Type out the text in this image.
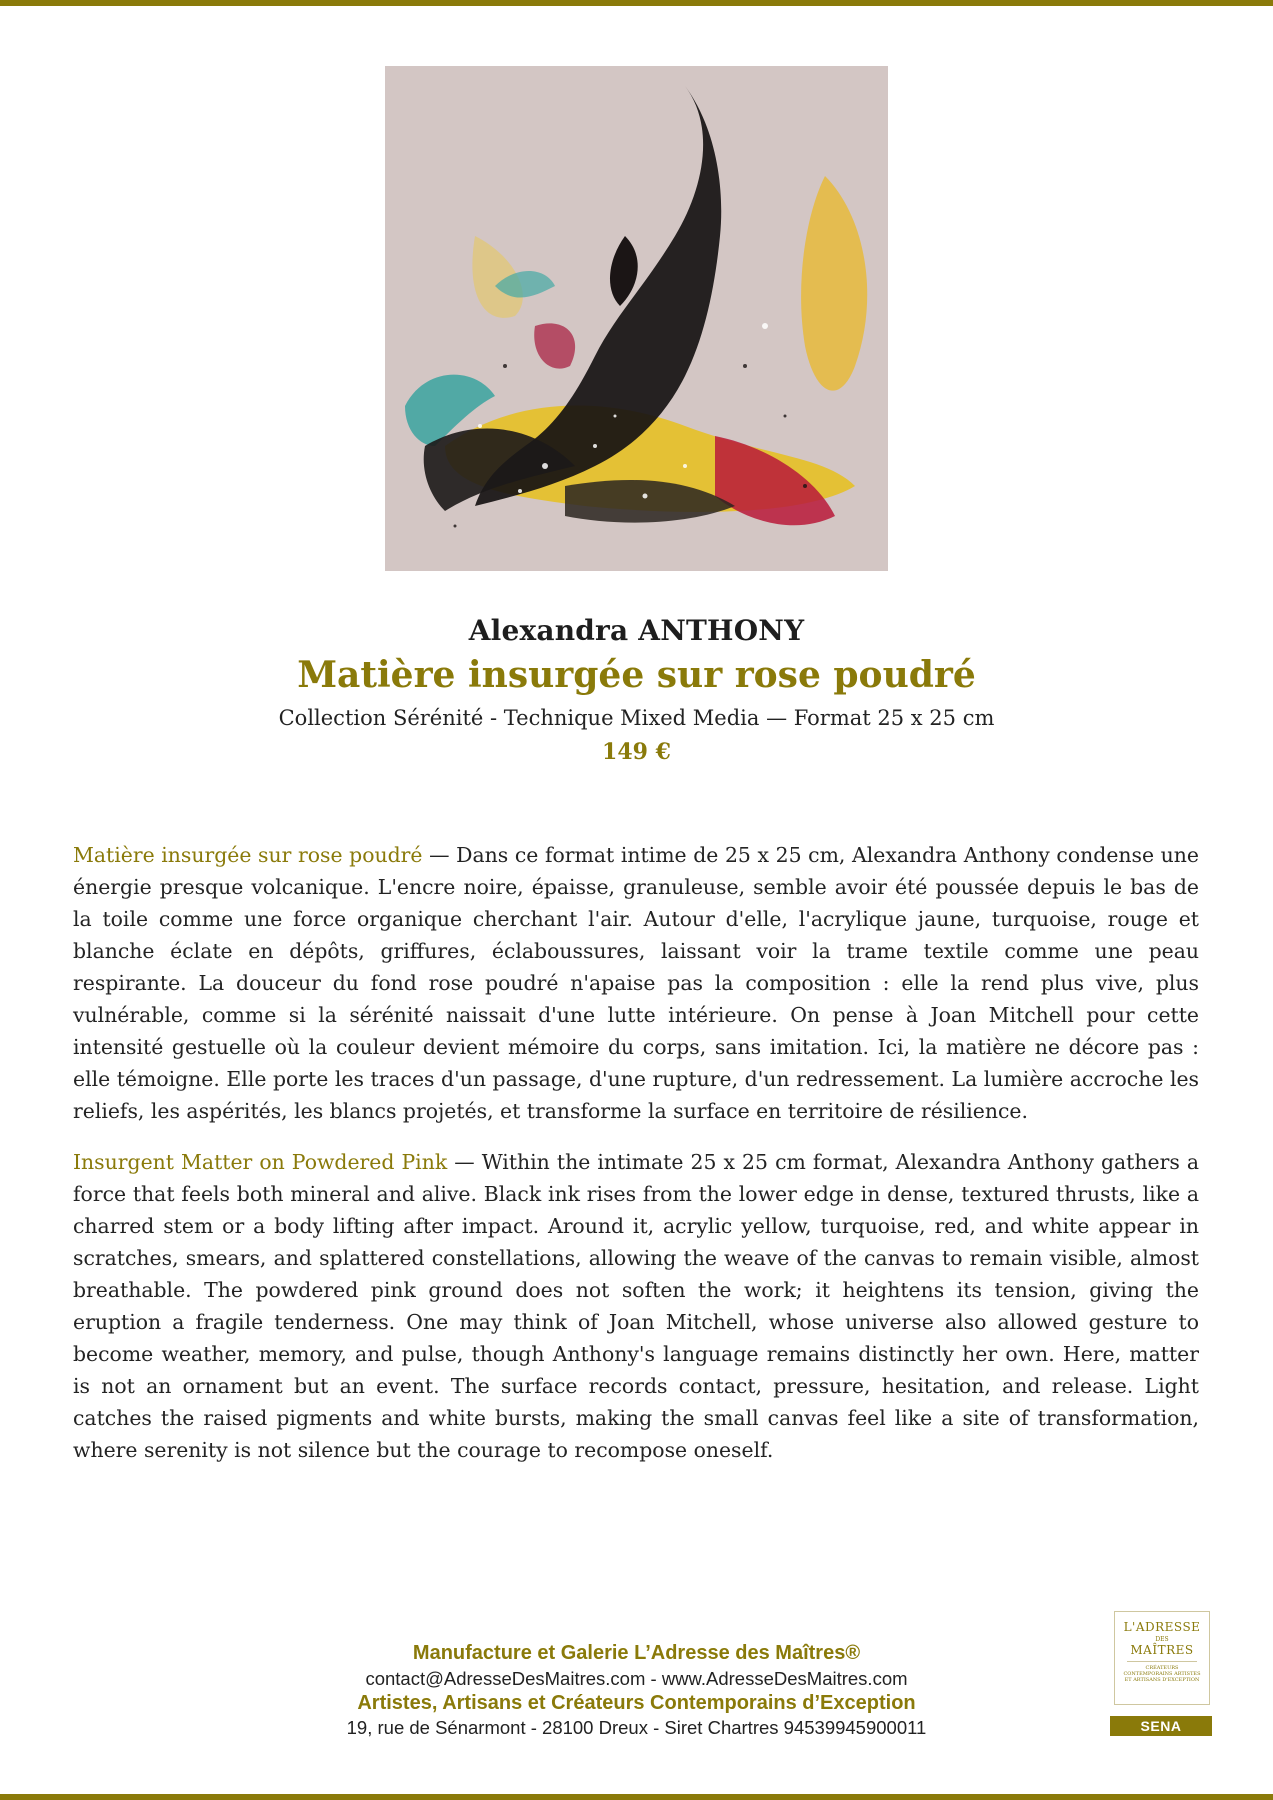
Alexandra ANTHONY
Matière insurgée sur rose poudré
Collection Sérénité - Technique Mixed Media — Format 25 x 25 cm
149 €

Matière insurgée sur rose poudré — Dans ce format intime de 25 x 25 cm, Alexandra Anthony condense une énergie presque volcanique. L'encre noire, épaisse, granuleuse, semble avoir été poussée depuis le bas de la toile comme une force organique cherchant l'air. Autour d'elle, l'acrylique jaune, turquoise, rouge et blanche éclate en dépôts, griffures, éclaboussures, laissant voir la trame textile comme une peau respirante. La douceur du fond rose poudré n'apaise pas la composition : elle la rend plus vive, plus vulnérable, comme si la sérénité naissait d'une lutte intérieure. On pense à Joan Mitchell pour cette intensité gestuelle où la couleur devient mémoire du corps, sans imitation. Ici, la matière ne décore pas : elle témoigne. Elle porte les traces d'un passage, d'une rupture, d'un redressement. La lumière accroche les reliefs, les aspérités, les blancs projetés, et transforme la surface en territoire de résilience.

Insurgent Matter on Powdered Pink — Within the intimate 25 x 25 cm format, Alexandra Anthony gathers a force that feels both mineral and alive. Black ink rises from the lower edge in dense, textured thrusts, like a charred stem or a body lifting after impact. Around it, acrylic yellow, turquoise, red, and white appear in scratches, smears, and splattered constellations, allowing the weave of the canvas to remain visible, almost breathable. The powdered pink ground does not soften the work; it heightens its tension, giving the eruption a fragile tenderness. One may think of Joan Mitchell, whose universe also allowed gesture to become weather, memory, and pulse, though Anthony's language remains distinctly her own. Here, matter is not an ornament but an event. The surface records contact, pressure, hesitation, and release. Light catches the raised pigments and white bursts, making the small canvas feel like a site of transformation, where serenity is not silence but the courage to recompose oneself.

Manufacture et Galerie L’Adresse des Maîtres®
contact@AdresseDesMaitres.com - www.AdresseDesMaitres.com
Artistes, Artisans et Créateurs Contemporains d’Exception
19, rue de Sénarmont - 28100 Dreux - Siret Chartres 94539945900011
L'ADRESSE
DES
MAÎTRES
CRÉATEURS CONTEMPORAINS ARTISTES ET ARTISANS D'EXCEPTION
SENA
